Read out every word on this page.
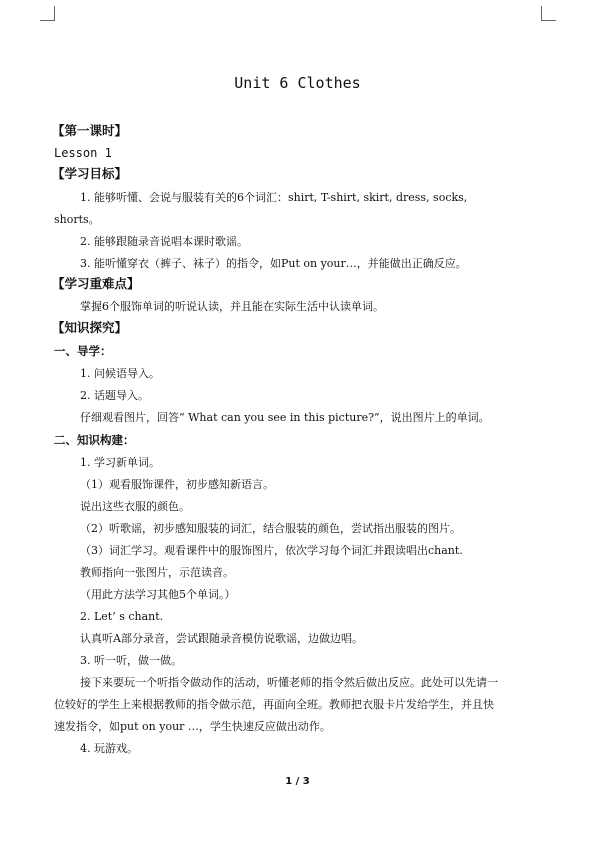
Unit 6 Clothes
【第一课时】
Lesson 1
【学习目标】
1. 能够听懂、会说与服装有关的6个词汇：shirt, T-shirt, skirt, dress, socks,
shorts。
2. 能够跟随录音说唱本课时歌谣。
3. 能听懂穿衣（裤子、袜子）的指令，如Put on your…，并能做出正确反应。
【学习重难点】
掌握6个服饰单词的听说认读，并且能在实际生活中认读单词。
【知识探究】
一、导学：
1. 问候语导入。
2. 话题导入。
仔细观看图片，回答“ What can you see in this picture?”，说出图片上的单词。
二、知识构建：
1. 学习新单词。
（1）观看服饰课件，初步感知新语言。
说出这些衣服的颜色。
（2）听歌谣，初步感知服装的词汇，结合服装的颜色，尝试指出服装的图片。
（3）词汇学习。观看课件中的服饰图片，依次学习每个词汇并跟读唱出chant.
教师指向一张图片，示范读音。
（用此方法学习其他5个单词。）
2. Let’ s chant.
认真听A部分录音，尝试跟随录音模仿说歌谣，边做边唱。
3. 听一听，做一做。
接下来要玩一个听指令做动作的活动，听懂老师的指令然后做出反应。此处可以先请一
位较好的学生上来根据教师的指令做示范，再面向全班。教师把衣服卡片发给学生，并且快
速发指令，如put on your …，学生快速反应做出动作。
4. 玩游戏。
1 / 3
